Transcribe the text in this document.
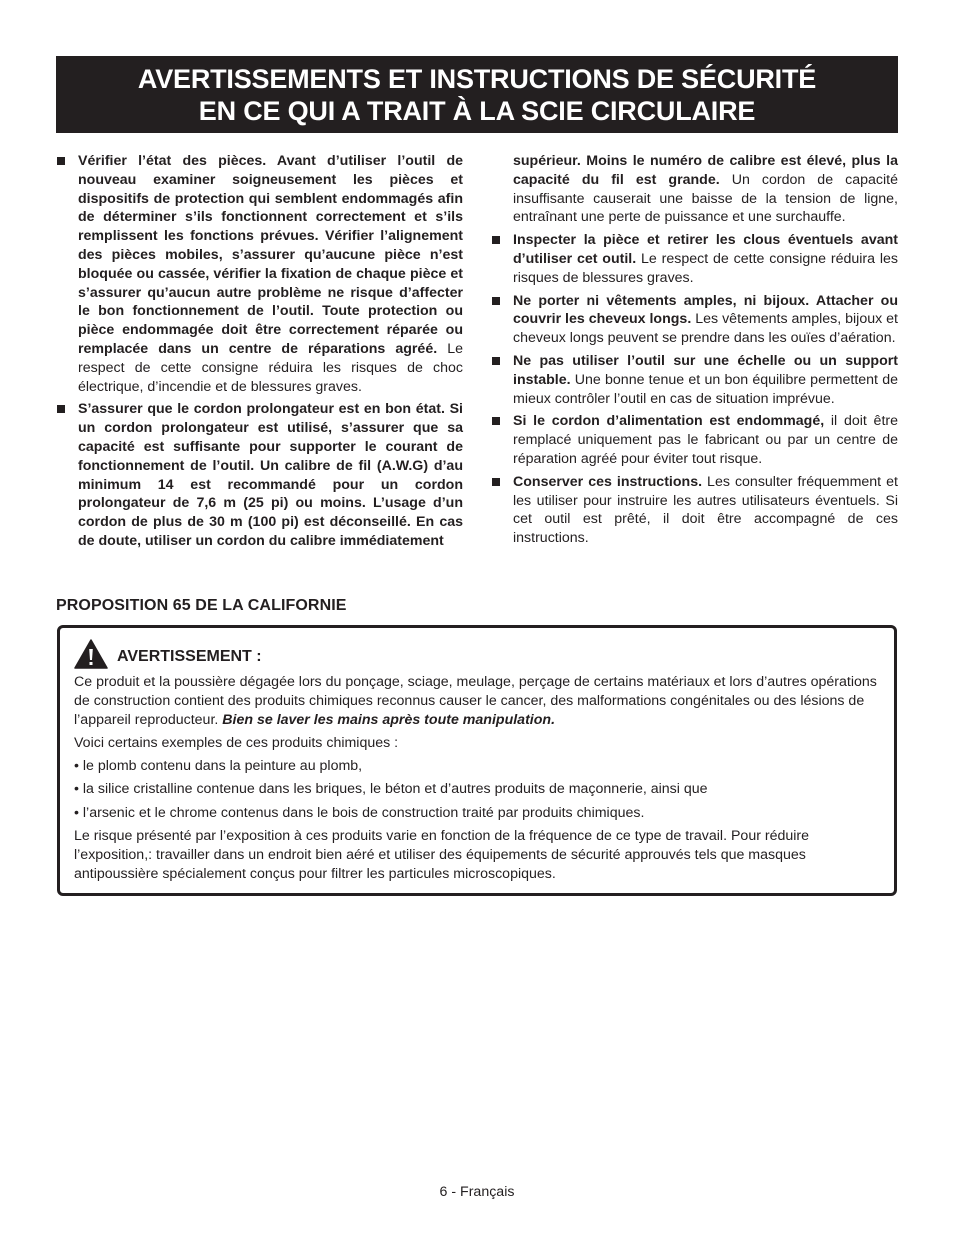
AVERTISSEMENTS ET INSTRUCTIONS DE SÉCURITÉ
EN CE QUI A TRAIT À LA SCIE CIRCULAIRE
Vérifier l’état des pièces. Avant d’utiliser l’outil de nouveau examiner soigneusement les pièces et dispositifs de protection qui semblent endommagés afin de déterminer s’ils fonctionnent correctement et s’ils remplissent les fonctions prévues. Vérifier l’alignement des pièces mobiles, s’assurer qu’aucune pièce n’est bloquée ou cassée, vérifier la fixation de chaque pièce et s’assurer qu’aucun autre problème ne risque d’affecter le bon fonctionnement de l’outil. Toute protection ou pièce endommagée doit être correctement réparée ou remplacée dans un centre de réparations agréé. Le respect de cette consigne réduira les risques de choc électrique, d’incendie et de blessures graves.
S’assurer que le cordon prolongateur est en bon état. Si un cordon prolongateur est utilisé, s’assurer que sa capacité est suffisante pour supporter le courant de fonctionnement de l’outil. Un calibre de fil (A.W.G) d’au minimum 14 est recommandé pour un cordon prolongateur de 7,6 m (25 pi) ou moins. L’usage d’un cordon de plus de 30 m (100 pi) est déconseillé. En cas de doute, utiliser un cordon du calibre immédiatement
supérieur. Moins le numéro de calibre est élevé, plus la capacité du fil est grande. Un cordon de capacité insuffisante causerait une baisse de la tension de ligne, entraînant une perte de puissance et une surchauffe.
Inspecter la pièce et retirer les clous éventuels avant d’utiliser cet outil. Le respect de cette consigne réduira les risques de blessures graves.
Ne porter ni vêtements amples, ni bijoux. Attacher ou couvrir les cheveux longs. Les vêtements amples, bijoux et cheveux longs peuvent se prendre dans les ouïes d’aération.
Ne pas utiliser l’outil sur une échelle ou un support instable. Une bonne tenue et un bon équilibre permettent de mieux contrôler l’outil en cas de situation imprévue.
Si le cordon d’alimentation est endommagé, il doit être remplacé uniquement pas le fabricant ou par un centre de réparation agréé pour éviter tout risque.
Conserver ces instructions. Les consulter fréquemment et les utiliser pour instruire les autres utilisateurs éventuels. Si cet outil est prêté, il doit être accompagné de ces instructions.
PROPOSITION 65 DE LA CALIFORNIE
AVERTISSEMENT :

Ce produit et la poussière dégagée lors du ponçage, sciage, meulage, perçage de certains matériaux et lors d’autres opérations de construction contient des produits chimiques reconnus causer le cancer, des malformations congénitales ou des lésions de l’appareil reproducteur. Bien se laver les mains après toute manipulation.

Voici certains exemples de ces produits chimiques :

• le plomb contenu dans la peinture au plomb,

• la silice cristalline contenue dans les briques, le béton et d’autres produits de maçonnerie, ainsi que

• l’arsenic et le chrome contenus dans le bois de construction traité par produits chimiques.

Le risque présenté par l’exposition à ces produits varie en fonction de la fréquence de ce type de travail. Pour réduire l’exposition,: travailler dans un endroit bien aéré et utiliser des équipements de sécurité approuvés tels que masques antipoussière spécialement conçus pour filtrer les particules microscopiques.

6 - Français
